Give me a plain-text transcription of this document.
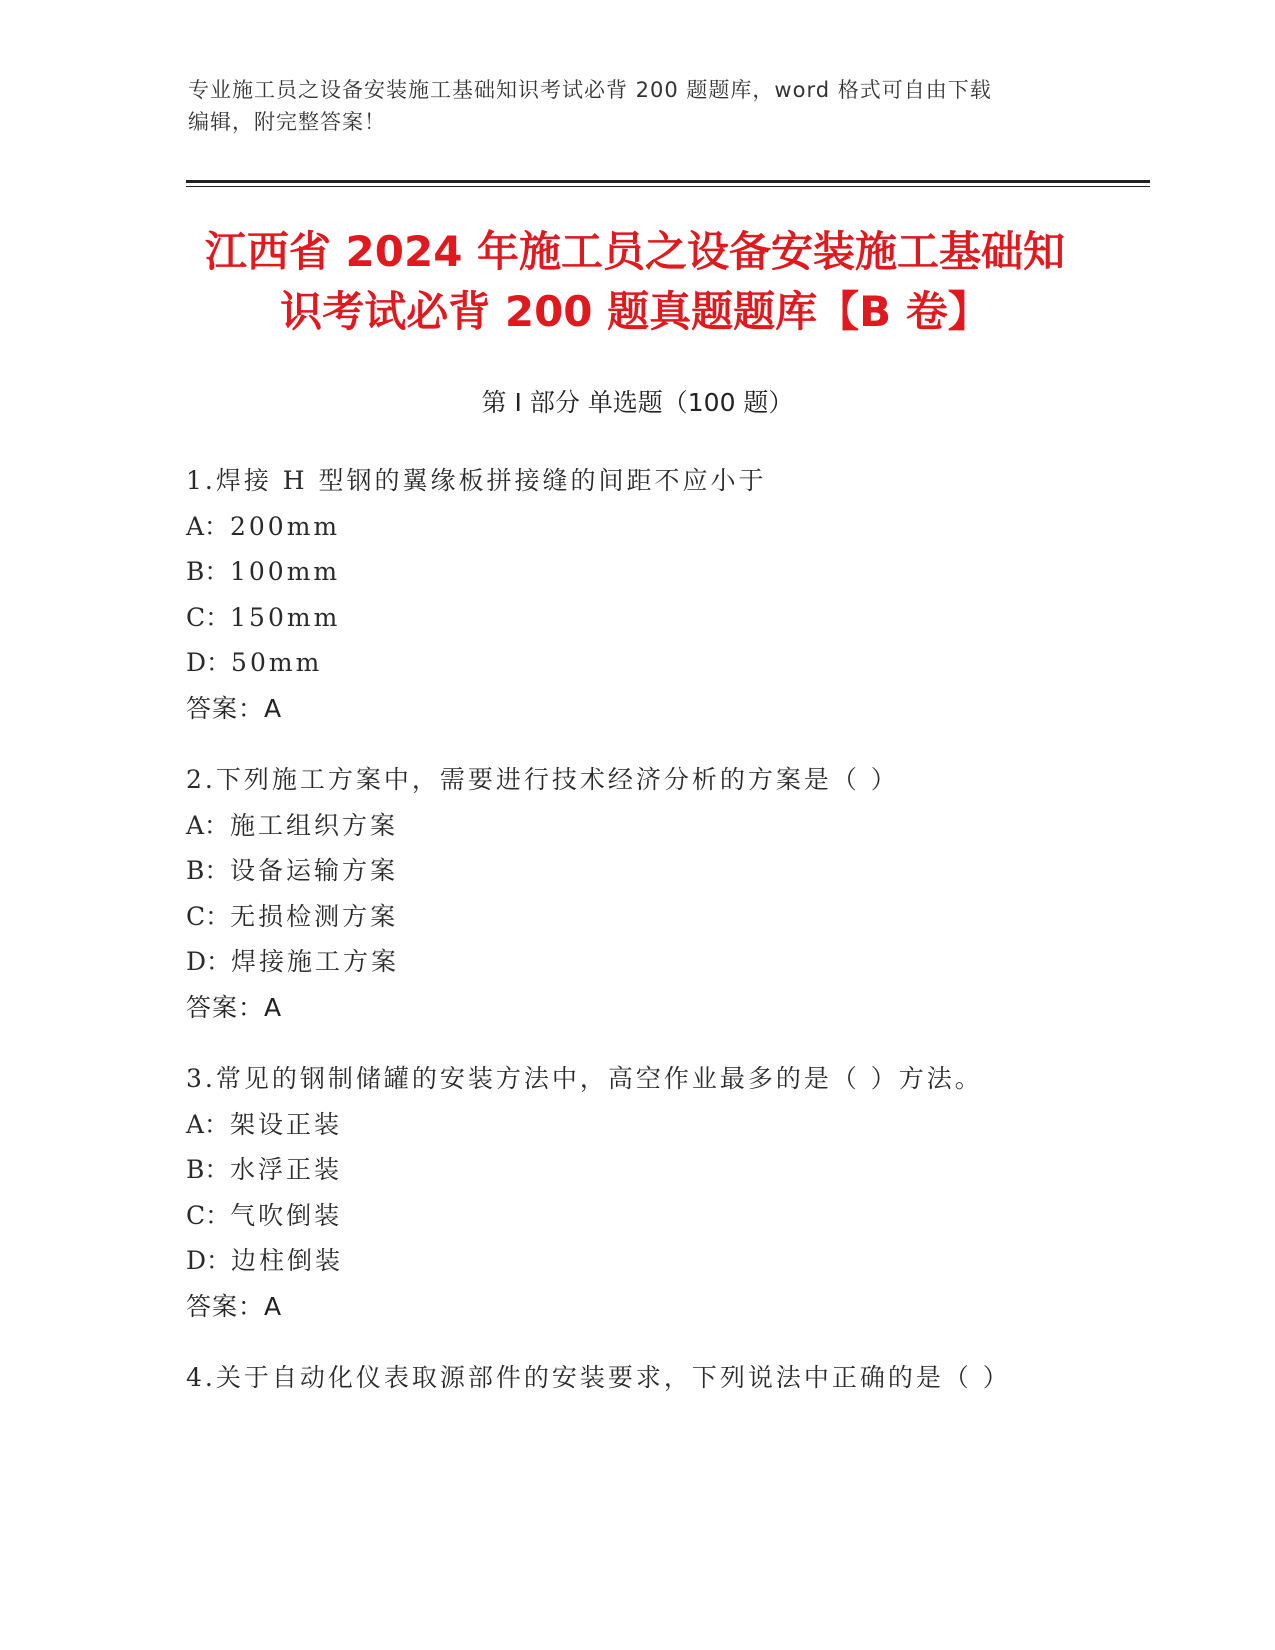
专业施工员之设备安装施工基础知识考试必背 200 题题库，word 格式可自由下载
编辑，附完整答案！
江西省 2024 年施工员之设备安装施工基础知
识考试必背 200 题真题题库【B 卷】
第 I 部分 单选题（100 题）
1.焊接 H 型钢的翼缘板拼接缝的间距不应小于
A：200mm
B：100mm
C：150mm
D：50mm
答案：A
2.下列施工方案中，需要进行技术经济分析的方案是（ ）
A：施工组织方案
B：设备运输方案
C：无损检测方案
D：焊接施工方案
答案：A
3.常见的钢制储罐的安装方法中，高空作业最多的是（ ）方法。
A：架设正装
B：水浮正装
C：气吹倒装
D：边柱倒装
答案：A
4.关于自动化仪表取源部件的安装要求，下列说法中正确的是（ ）
